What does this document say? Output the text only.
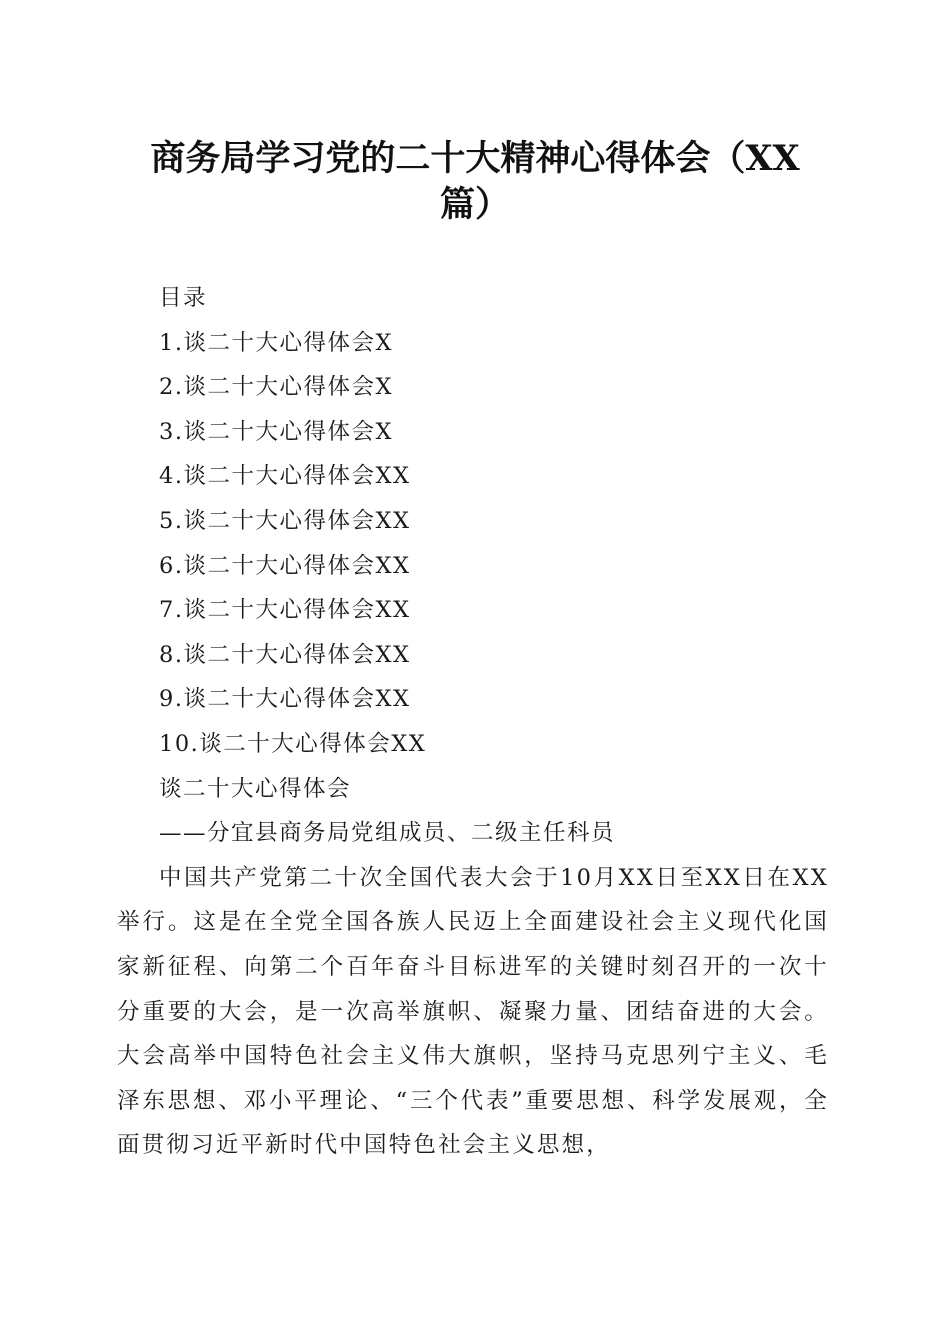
商务局学习党的二十大精神心得体会（XX
篇）
目录
1.谈二十大心得体会X
2.谈二十大心得体会X
3.谈二十大心得体会X
4.谈二十大心得体会XX
5.谈二十大心得体会XX
6.谈二十大心得体会XX
7.谈二十大心得体会XX
8.谈二十大心得体会XX
9.谈二十大心得体会XX
10.谈二十大心得体会XX
谈二十大心得体会
——分宜县商务局党组成员、二级主任科员
中国共产党第二十次全国代表大会于10月XX日至XX日在XX举行。这是在全党全国各族人民迈上全面建设社会主义现代化国家新征程、向第二个百年奋斗目标进军的关键时刻召开的一次十分重要的大会，是一次高举旗帜、凝聚力量、团结奋进的大会。大会高举中国特色社会主义伟大旗帜，坚持马克思列宁主义、毛泽东思想、邓小平理论、“三个代表”重要思想、科学发展观，全面贯彻习近平新时代中国特色社会主义思想，
